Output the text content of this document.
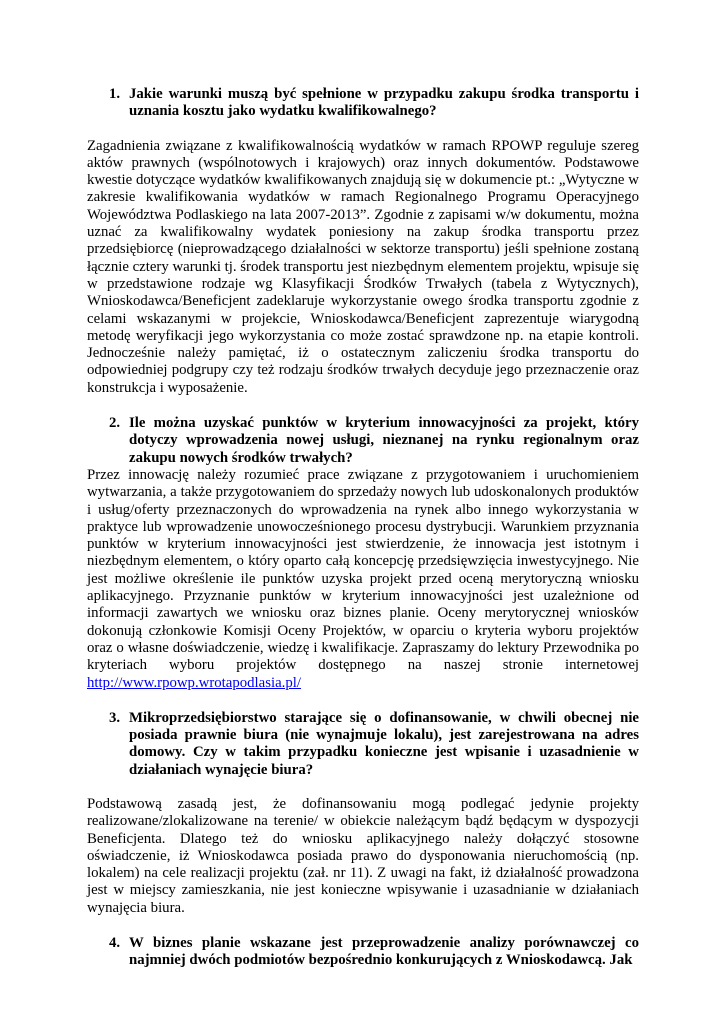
1. Jakie warunki muszą być spełnione w przypadku zakupu środka transportu i uznania kosztu jako wydatku kwalifikowalnego?

Zagadnienia związane z kwalifikowalnością wydatków w ramach RPOWP reguluje szereg aktów prawnych (wspólnotowych i krajowych) oraz innych dokumentów. Podstawowe kwestie dotyczące wydatków kwalifikowanych znajdują się w dokumencie pt.: „Wytyczne w zakresie kwalifikowania wydatków w ramach Regionalnego Programu Operacyjnego Województwa Podlaskiego na lata 2007-2013”. Zgodnie z zapisami w/w dokumentu, można uznać za kwalifikowalny wydatek poniesiony na zakup środka transportu przez przedsiębiorcę (nieprowadzącego działalności w sektorze transportu) jeśli spełnione zostaną łącznie cztery warunki tj. środek transportu jest niezbędnym elementem projektu, wpisuje się w przedstawione rodzaje wg Klasyfikacji Środków Trwałych (tabela z Wytycznych), Wnioskodawca/Beneficjent zadeklaruje wykorzystanie owego środka transportu zgodnie z celami wskazanymi w projekcie, Wnioskodawca/Beneficjent zaprezentuje wiarygodną metodę weryfikacji jego wykorzystania co może zostać sprawdzone np. na etapie kontroli. Jednocześnie należy pamiętać, iż o ostatecznym zaliczeniu środka transportu do odpowiedniej podgrupy czy też rodzaju środków trwałych decyduje jego przeznaczenie oraz konstrukcja i wyposażenie.

2. Ile można uzyskać punktów w kryterium innowacyjności za projekt, który dotyczy wprowadzenia nowej usługi, nieznanej na rynku regionalnym oraz zakupu nowych środków trwałych?

Przez innowację należy rozumieć prace związane z przygotowaniem i uruchomieniem wytwarzania, a także przygotowaniem do sprzedaży nowych lub udoskonalonych produktów i usług/oferty przeznaczonych do wprowadzenia na rynek albo innego wykorzystania w praktyce lub wprowadzenie unowocześnionego procesu dystrybucji. Warunkiem przyznania punktów w kryterium innowacyjności jest stwierdzenie, że innowacja jest istotnym i niezbędnym elementem, o który oparto całą koncepcję przedsięwzięcia inwestycyjnego. Nie jest możliwe określenie ile punktów uzyska projekt przed oceną merytoryczną wniosku aplikacyjnego. Przyznanie punktów w kryterium innowacyjności jest uzależnione od informacji zawartych we wniosku oraz biznes planie. Oceny merytorycznej wniosków dokonują członkowie Komisji Oceny Projektów, w oparciu o kryteria wyboru projektów oraz o własne doświadczenie, wiedzę i kwalifikacje. Zapraszamy do lektury Przewodnika po kryteriach wyboru projektów dostępnego na naszej stronie internetowej http://www.rpowp.wrotapodlasia.pl/

3. Mikroprzedsiębiorstwo starające się o dofinansowanie, w chwili obecnej nie posiada prawnie biura (nie wynajmuje lokalu), jest zarejestrowana na adres domowy. Czy w takim przypadku konieczne jest wpisanie i uzasadnienie w działaniach wynajęcie biura?

Podstawową zasadą jest, że dofinansowaniu mogą podlegać jedynie projekty realizowane/zlokalizowane na terenie/ w obiekcie należącym bądź będącym w dyspozycji Beneficjenta. Dlatego też do wniosku aplikacyjnego należy dołączyć stosowne oświadczenie, iż Wnioskodawca posiada prawo do dysponowania nieruchomością (np. lokalem) na cele realizacji projektu (zał. nr 11). Z uwagi na fakt, iż działalność prowadzona jest w miejscy zamieszkania, nie jest konieczne wpisywanie i uzasadnianie w działaniach wynajęcia biura.

4. W biznes planie wskazane jest przeprowadzenie analizy porównawczej co najmniej dwóch podmiotów bezpośrednio konkurujących z Wnioskodawcą. Jak
